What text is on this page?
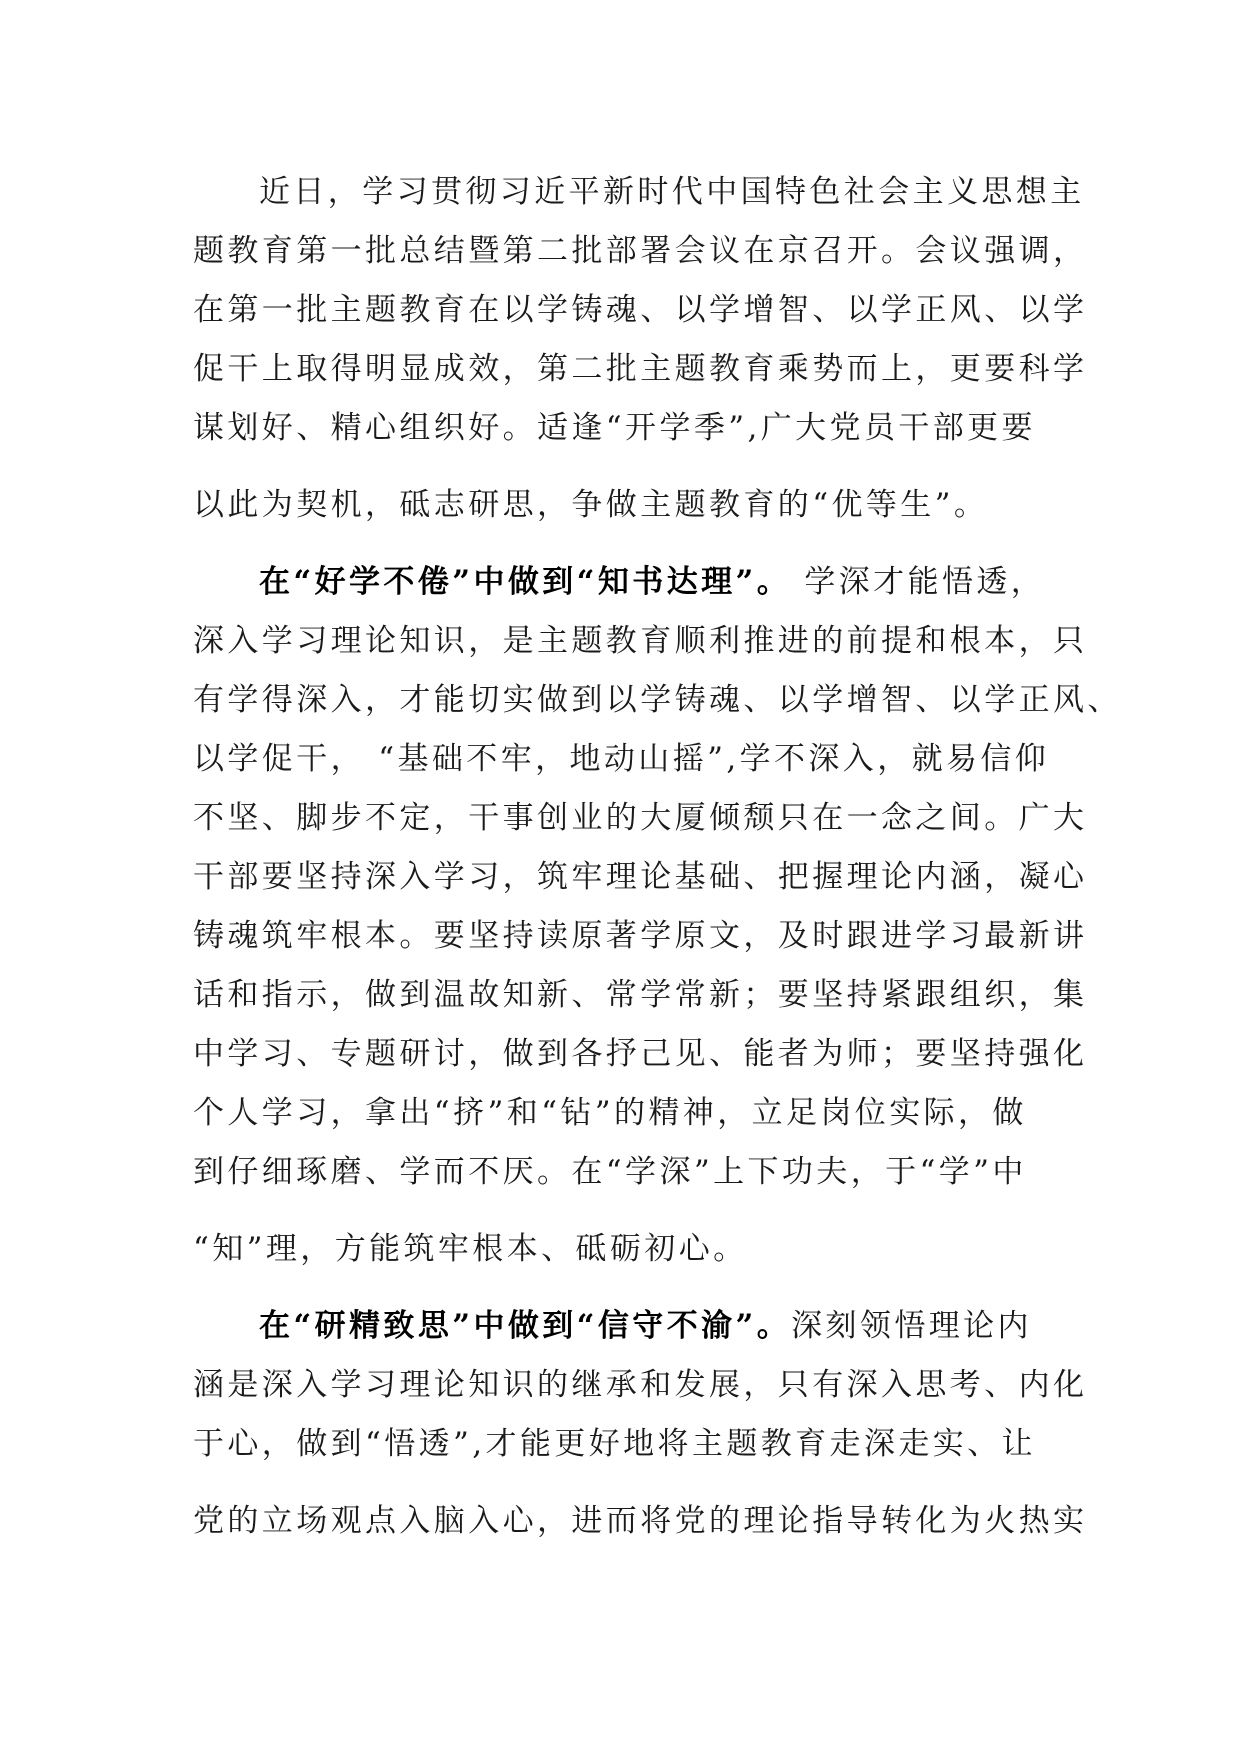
近日，学习贯彻习近平新时代中国特色社会主义思想主
题教育第一批总结暨第二批部署会议在京召开。会议强调，
在第一批主题教育在以学铸魂、以学增智、以学正风、以学
促干上取得明显成效，第二批主题教育乘势而上，更要科学
谋划好、精心组织好。适逢“开学季”,广大党员干部更要
以此为契机，砥志研思，争做主题教育的“优等生”。
在“好学不倦”中做到“知书达理”。 学深才能悟透，
深入学习理论知识，是主题教育顺利推进的前提和根本，只
有学得深入，才能切实做到以学铸魂、以学增智、以学正风、
以学促干， “基础不牢，地动山摇”,学不深入，就易信仰
不坚、脚步不定，干事创业的大厦倾颓只在一念之间。广大
干部要坚持深入学习，筑牢理论基础、把握理论内涵，凝心
铸魂筑牢根本。要坚持读原著学原文，及时跟进学习最新讲
话和指示，做到温故知新、常学常新；要坚持紧跟组织，集
中学习、专题研讨，做到各抒己见、能者为师；要坚持强化
个人学习，拿出“挤”和“钻”的精神，立足岗位实际，做
到仔细琢磨、学而不厌。在“学深”上下功夫，于“学”中
“知”理，方能筑牢根本、砥砺初心。
在“研精致思”中做到“信守不渝”。深刻领悟理论内
涵是深入学习理论知识的继承和发展，只有深入思考、内化
于心，做到“悟透”,才能更好地将主题教育走深走实、让
党的立场观点入脑入心，进而将党的理论指导转化为火热实
